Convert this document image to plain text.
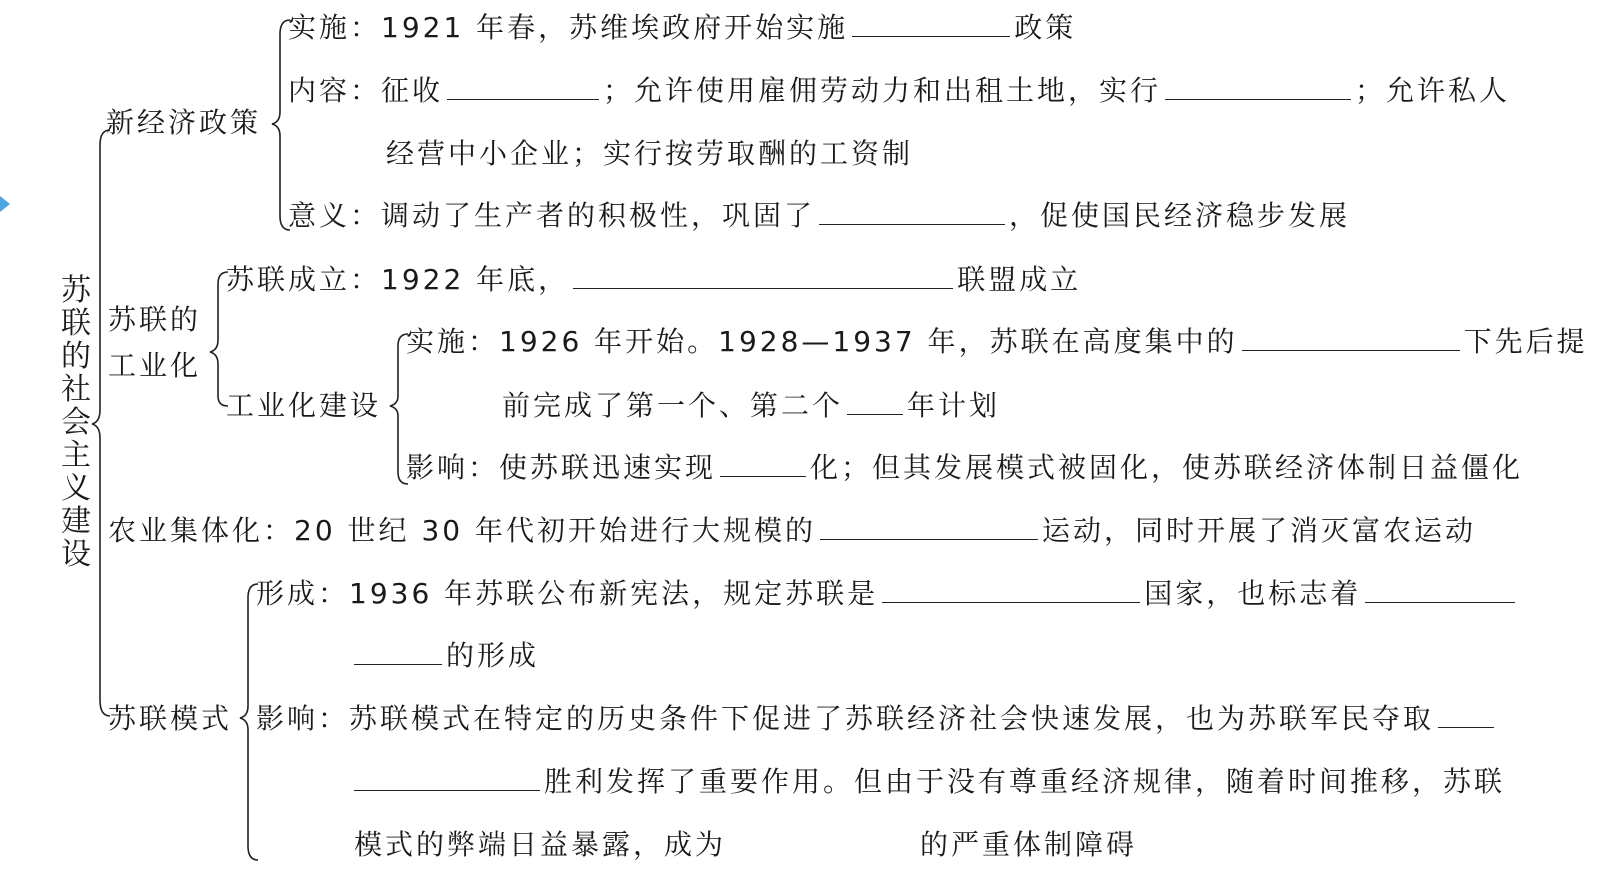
苏联的社会主义建设
新经济政策
实施：1921 年春，苏维埃政府开始实施	政策
内容：征收	；允许使用雇佣劳动力和出租土地，实行	；允许私人
经营中小企业；实行按劳取酬的工资制
意义：调动了生产者的积极性，巩固了	，促使国民经济稳步发展
苏联的
工业化
苏联成立：1922 年底，	联盟成立
工业化建设
实施：1926 年开始。1928—1937 年，苏联在高度集中的	下先后提
前完成了第一个、第二个 年计划
影响：使苏联迅速实现	化；但其发展模式被固化，使苏联经济体制日益僵化
农业集体化：20 世纪 30 年代初开始进行大规模的	运动，同时开展了消灭富农运动
苏联模式
形成：1936 年苏联公布新宪法，规定苏联是	国家，也标志着
的形成
影响：苏联模式在特定的历史条件下促进了苏联经济社会快速发展，也为苏联军民夺取
胜利发挥了重要作用。但由于没有尊重经济规律，随着时间推移，苏联
模式的弊端日益暴露，成为	的严重体制障碍
